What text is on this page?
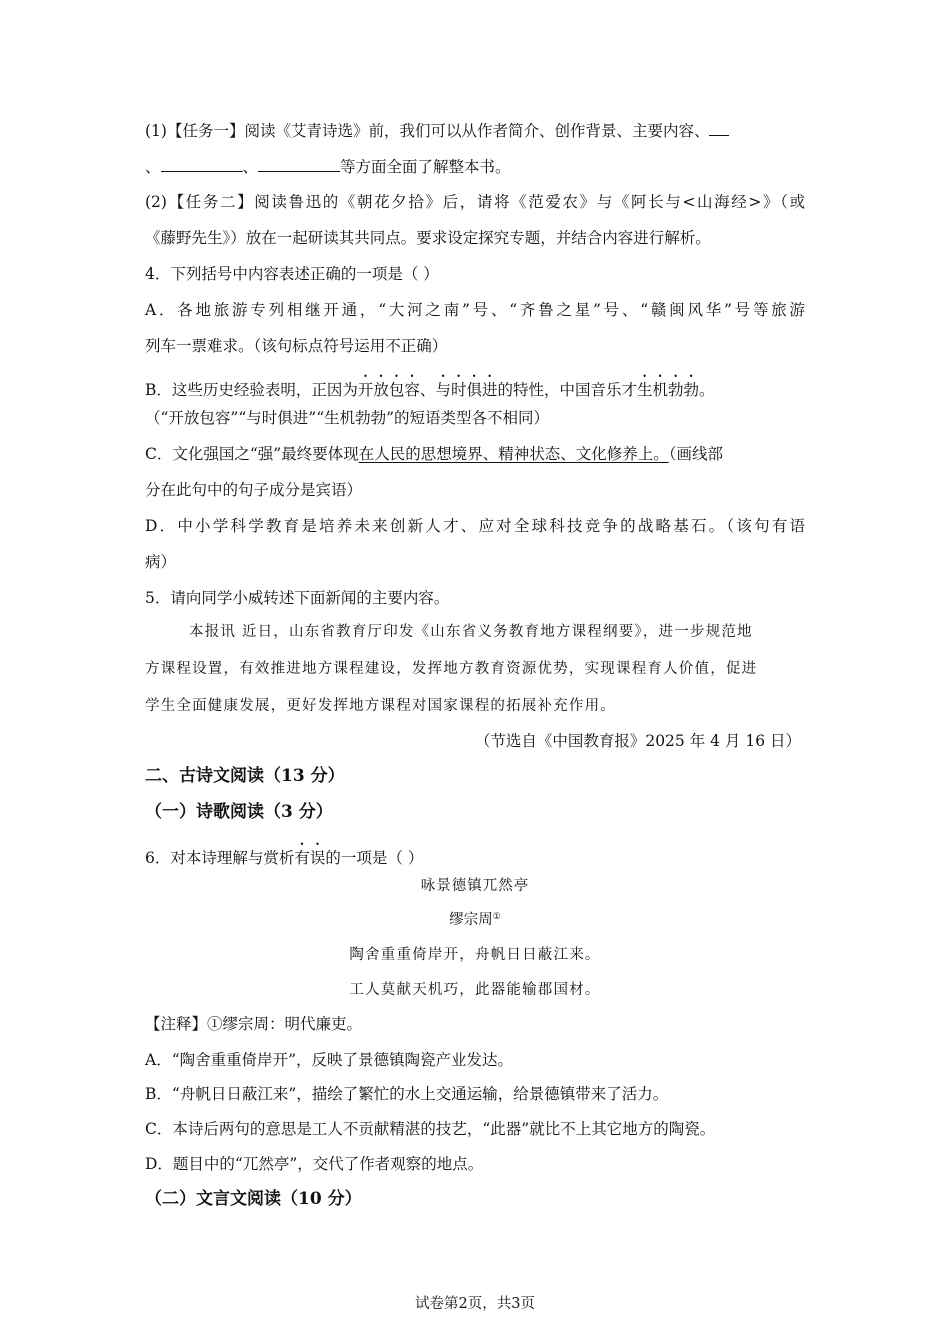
(1)【任务一】阅读《艾青诗选》前，我们可以从作者简介、创作背景、主要内容、
、	、	等方面全面了解整本书。
(2)【任务二】阅读鲁迅的《朝花夕拾》后，请将《范爱农》与《阿长与<山海经>》（或
《藤野先生》）放在一起研读其共同点。要求设定探究专题，并结合内容进行解析。
4．下列括号中内容表述正确的一项是（ ）
A．各地旅游专列相继开通，“大河之南”号、“齐鲁之星”号、“赣闽风华”号等旅游
列车一票难求。（该句标点符号运用不正确）
B．这些历史经验表明，正因为开放包容、与时俱进的特性，中国音乐才生机勃勃。
（“开放包容”“与时俱进”“生机勃勃”的短语类型各不相同）
C．文化强国之“强”最终要体现在人民的思想境界、精神状态、文化修养上。（画线部
分在此句中的句子成分是宾语）
D．中小学科学教育是培养未来创新人才、应对全球科技竞争的战略基石。（该句有语
病）
5．请向同学小威转述下面新闻的主要内容。
本报讯 近日，山东省教育厅印发《山东省义务教育地方课程纲要》，进一步规范地
方课程设置，有效推进地方课程建设，发挥地方教育资源优势，实现课程育人价值，促进
学生全面健康发展，更好发挥地方课程对国家课程的拓展补充作用。
（节选自《中国教育报》2025 年 4 月 16 日）
二、古诗文阅读（13 分）
（一）诗歌阅读（3 分）
6．对本诗理解与赏析有误的一项是（ ）
咏景德镇兀然亭
缪宗周①
陶舍重重倚岸开，舟帆日日蔽江来。
工人莫献天机巧，此器能输郡国材。
【注释】①缪宗周：明代廉吏。
A．“陶舍重重倚岸开”，反映了景德镇陶瓷产业发达。
B．“舟帆日日蔽江来”，描绘了繁忙的水上交通运输，给景德镇带来了活力。
C．本诗后两句的意思是工人不贡献精湛的技艺，“此器”就比不上其它地方的陶瓷。
D．题目中的“兀然亭”，交代了作者观察的地点。
（二）文言文阅读（10 分）
试卷第2页，共3页
